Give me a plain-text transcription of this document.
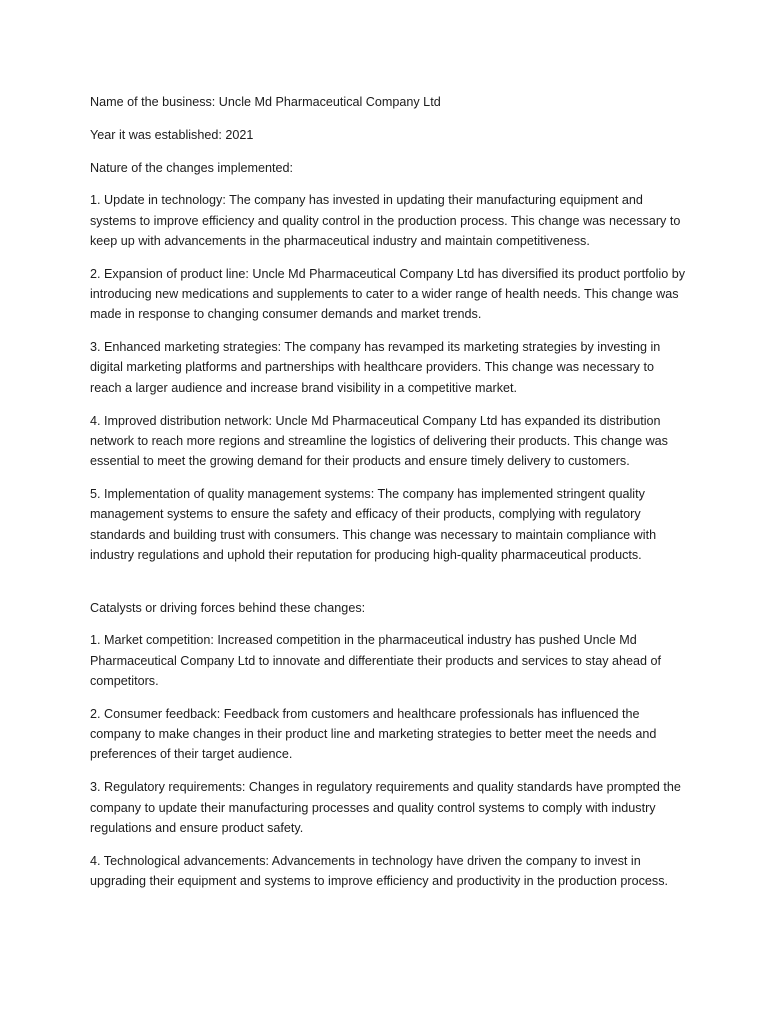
Name of the business: Uncle Md Pharmaceutical Company Ltd

Year it was established: 2021

Nature of the changes implemented:

1. Update in technology: The company has invested in updating their manufacturing equipment and systems to improve efficiency and quality control in the production process. This change was necessary to keep up with advancements in the pharmaceutical industry and maintain competitiveness.

2. Expansion of product line: Uncle Md Pharmaceutical Company Ltd has diversified its product portfolio by introducing new medications and supplements to cater to a wider range of health needs. This change was made in response to changing consumer demands and market trends.

3. Enhanced marketing strategies: The company has revamped its marketing strategies by investing in digital marketing platforms and partnerships with healthcare providers. This change was necessary to reach a larger audience and increase brand visibility in a competitive market.

4. Improved distribution network: Uncle Md Pharmaceutical Company Ltd has expanded its distribution network to reach more regions and streamline the logistics of delivering their products. This change was essential to meet the growing demand for their products and ensure timely delivery to customers.

5. Implementation of quality management systems: The company has implemented stringent quality management systems to ensure the safety and efficacy of their products, complying with regulatory standards and building trust with consumers. This change was necessary to maintain compliance with industry regulations and uphold their reputation for producing high-quality pharmaceutical products.

Catalysts or driving forces behind these changes:

1. Market competition: Increased competition in the pharmaceutical industry has pushed Uncle Md Pharmaceutical Company Ltd to innovate and differentiate their products and services to stay ahead of competitors.

2. Consumer feedback: Feedback from customers and healthcare professionals has influenced the company to make changes in their product line and marketing strategies to better meet the needs and preferences of their target audience.

3. Regulatory requirements: Changes in regulatory requirements and quality standards have prompted the company to update their manufacturing processes and quality control systems to comply with industry regulations and ensure product safety.

4. Technological advancements: Advancements in technology have driven the company to invest in upgrading their equipment and systems to improve efficiency and productivity in the production process.
